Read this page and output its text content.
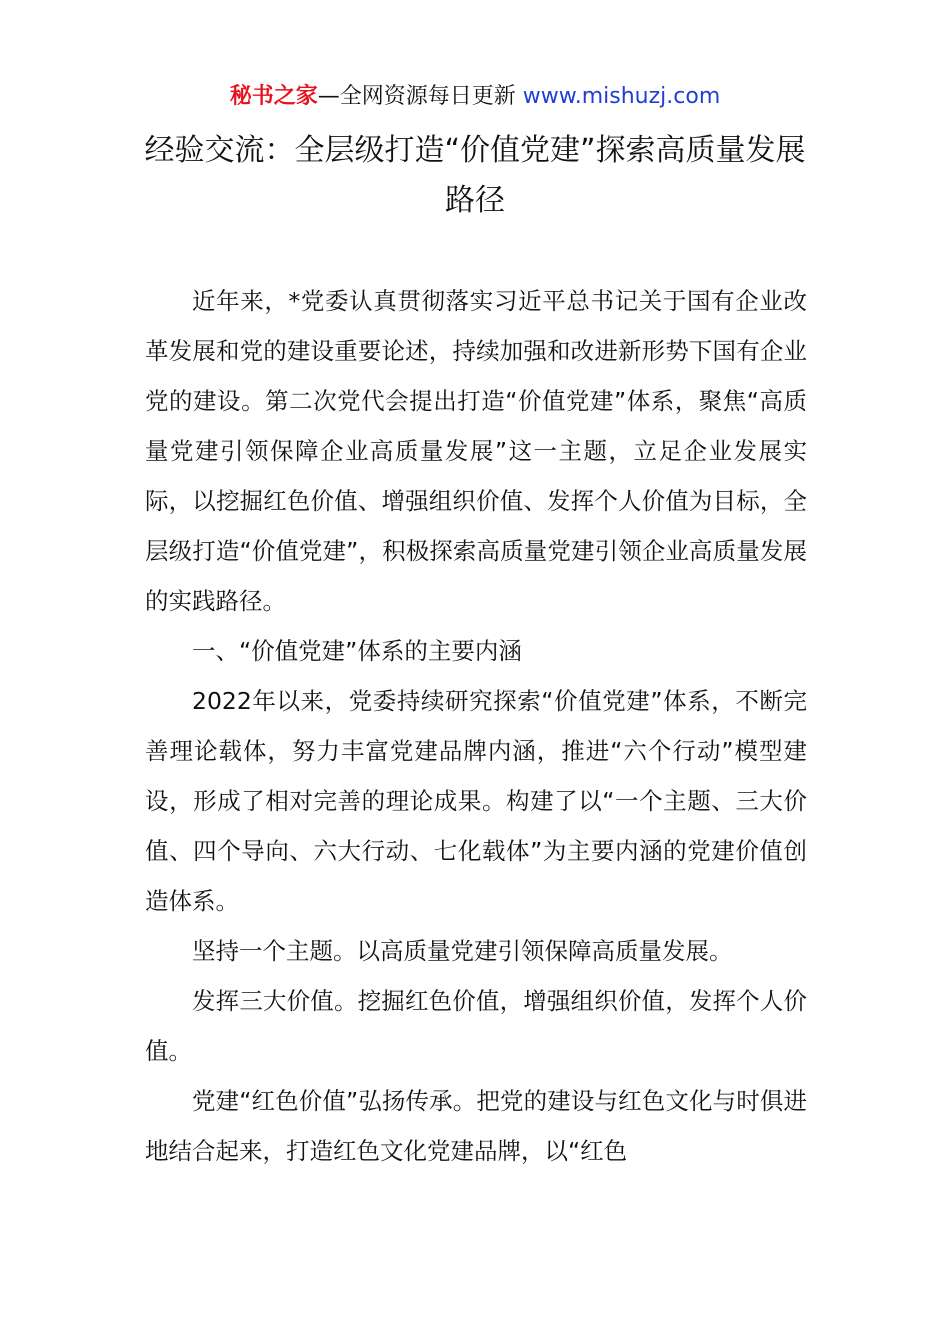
秘书之家—全网资源每日更新 www.mishuzj.com
经验交流：全层级打造“价值党建”探索高质量发展路径

近年来，*党委认真贯彻落实习近平总书记关于国有企业改革发展和党的建设重要论述，持续加强和改进新形势下国有企业党的建设。第二次党代会提出打造“价值党建”体系，聚焦“高质量党建引领保障企业高质量发展”这一主题，立足企业发展实际，以挖掘红色价值、增强组织价值、发挥个人价值为目标，全层级打造“价值党建”，积极探索高质量党建引领企业高质量发展的实践路径。

一、“价值党建”体系的主要内涵

2022年以来，党委持续研究探索“价值党建”体系，不断完善理论载体，努力丰富党建品牌内涵，推进“六个行动”模型建设，形成了相对完善的理论成果。构建了以“一个主题、三大价值、四个导向、六大行动、七化载体”为主要内涵的党建价值创造体系。

坚持一个主题。以高质量党建引领保障高质量发展。

发挥三大价值。挖掘红色价值，增强组织价值，发挥个人价值。

党建“红色价值”弘扬传承。把党的建设与红色文化与时俱进地结合起来，打造红色文化党建品牌，以“红色
